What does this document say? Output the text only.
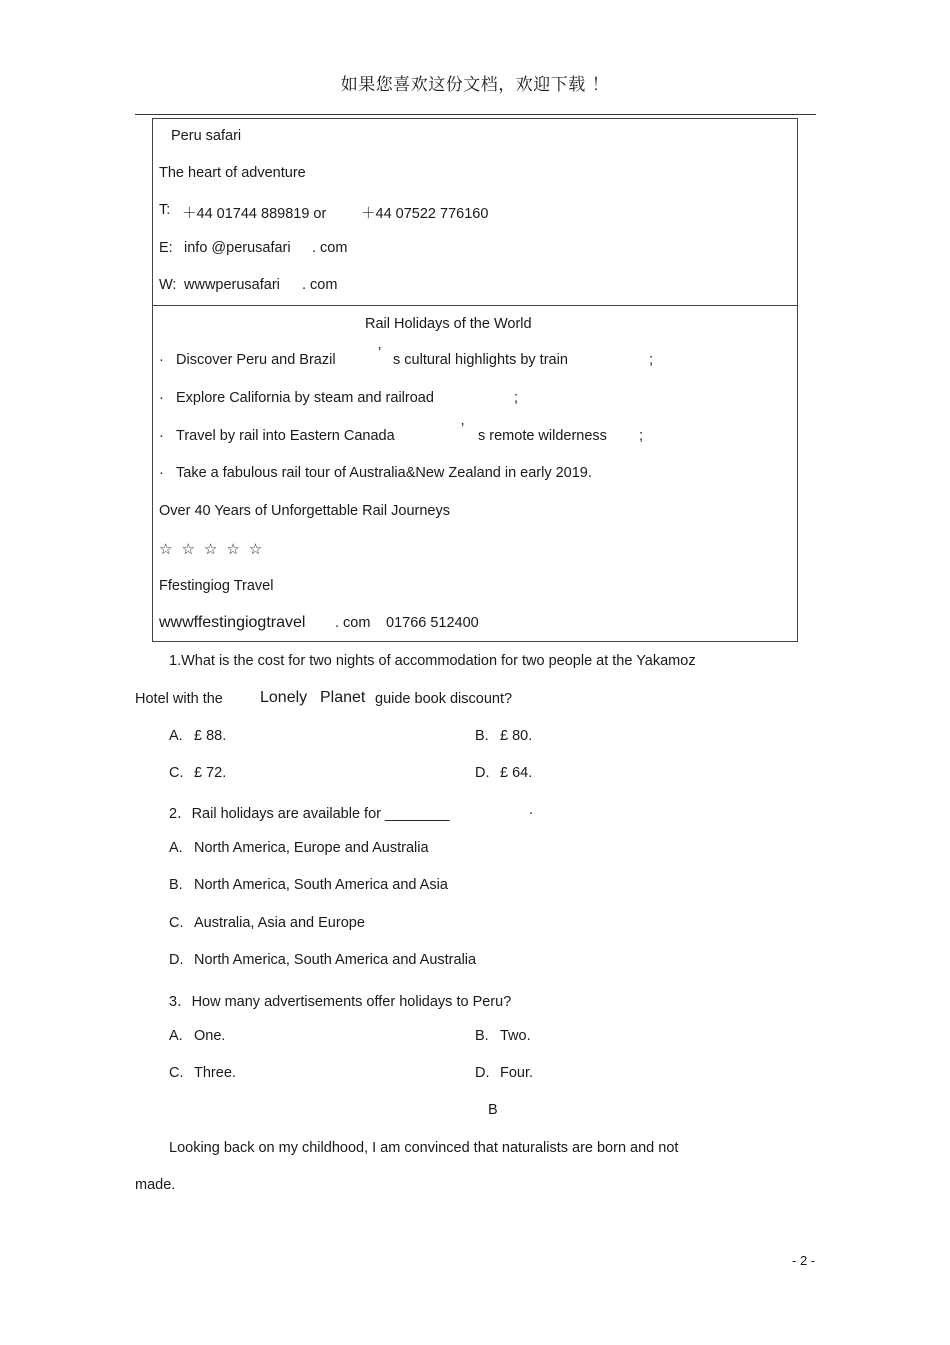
如果您喜欢这份文档，欢迎下载 ！
Peru safari
The heart of adventure
T: ＋44 01744 889819 or ＋44 07522 776160
E: info @perusafari . com
W: wwwperusafari . com
Rail Holidays of the World
· Discover Peru and Brazil	’ s cultural highlights by train	;
· Explore California by steam and railroad	;
· Travel by rail into Eastern Canada	’ s remote wilderness ;
· Take a fabulous rail tour of Australia&New Zealand in early 2019.
Over 40 Years of Unforgettable Rail Journeys
☆☆☆☆☆
Ffestingiog Travel
wwwffestingiogtravel . com 01766 512400
1.What is the cost for two nights of accommodation for two people at the Yakamoz
Hotel with the Lonely Planet guide book discount?
A. £ 88.	B. £ 80.
C. £ 72.	D. £ 64.
2．Rail holidays are available for ________	.
A. North America, Europe and Australia
B. North America, South America and Asia
C. Australia, Asia and Europe
D. North America, South America and Australia
3．How many advertisements offer holidays to Peru?
A. One.	B. Two.
C. Three.	D. Four.
B
Looking back on my childhood, I am convinced that naturalists are born and not
made.
- 2 -
